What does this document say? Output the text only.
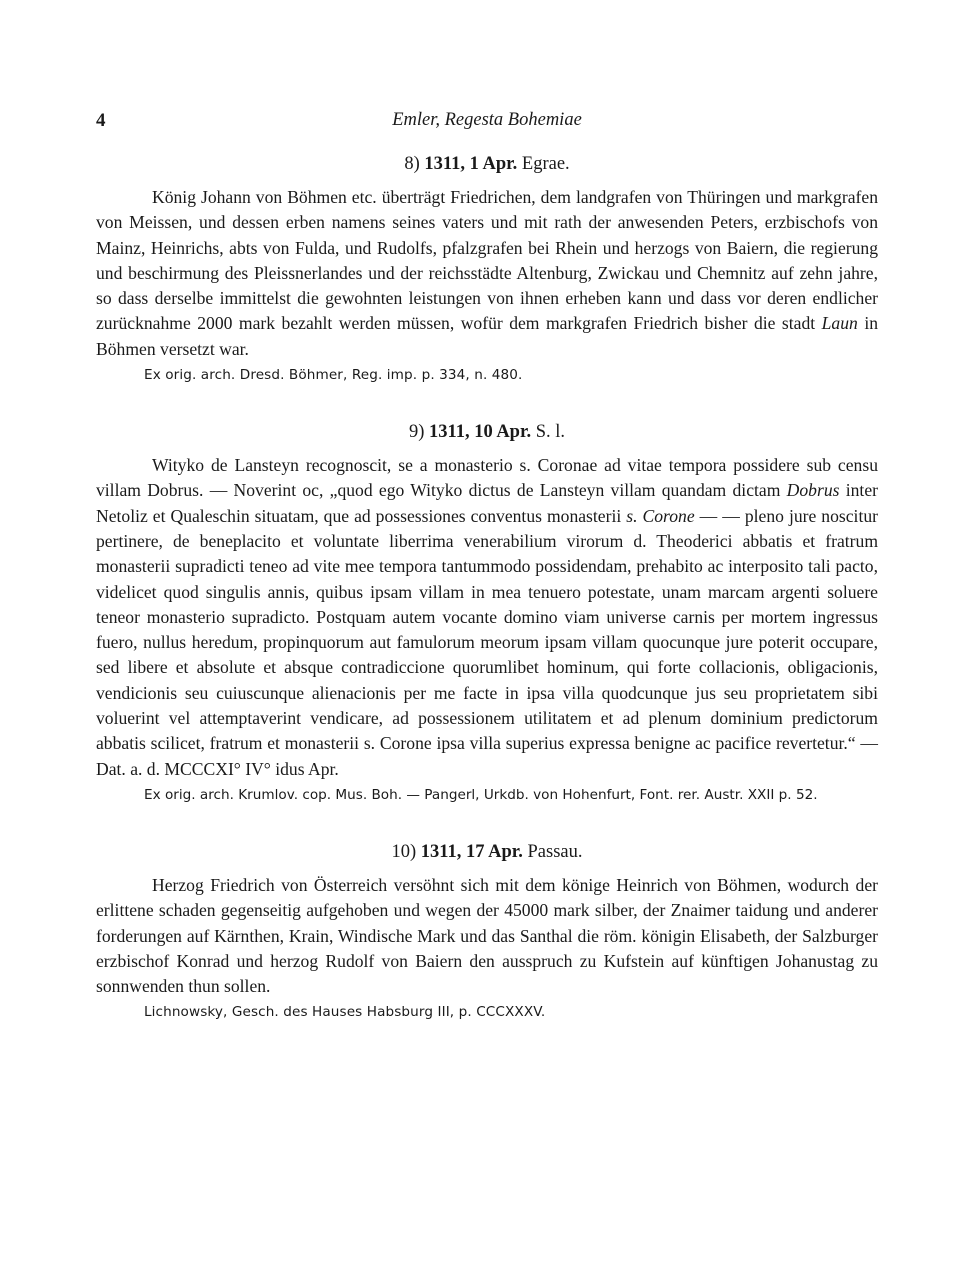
4	Emler, Regesta Bohemiae
8) 1311, 1 Apr. Egrae.

König Johann von Böhmen etc. überträgt Friedrichen, dem landgrafen von Thüringen und markgrafen von Meissen, und dessen erben namens seines vaters und mit rath der anwesenden Peters, erzbischofs von Mainz, Heinrichs, abts von Fulda, und Rudolfs, pfalzgrafen bei Rhein und herzogs von Baiern, die regierung und beschirmung des Pleissnerlandes und der reichsstädte Altenburg, Zwickau und Chemnitz auf zehn jahre, so dass derselbe immittelst die gewohnten leistungen von ihnen erheben kann und dass vor deren endlicher zurücknahme 2000 mark bezahlt werden müssen, wofür dem markgrafen Friedrich bisher die stadt Laun in Böhmen versetzt war.

Ex orig. arch. Dresd. Böhmer, Reg. imp. p. 334, n. 480.
9) 1311, 10 Apr. S. l.

Wityko de Lansteyn recognoscit, se a monasterio s. Coronae ad vitae tempora possidere sub censu villam Dobrus. — Noverint oc, „quod ego Wityko dictus de Lansteyn villam quandam dictam Dobrus inter Netoliz et Qualeschin situatam, que ad possessiones conventus monasterii s. Corone — — pleno jure noscitur pertinere, de beneplacito et voluntate liberrima venerabilium virorum d. Theoderici abbatis et fratrum monasterii supradicti teneo ad vite mee tempora tantummodo possidendam, prehabito ac interposito tali pacto, videlicet quod singulis annis, quibus ipsam villam in mea tenuero potestate, unam marcam argenti soluere teneor monasterio supradicto. Postquam autem vocante domino viam universe carnis per mortem ingressus fuero, nullus heredum, propinquorum aut famulorum meorum ipsam villam quocunque jure poterit occupare, sed libere et absolute et absque contradiccione quorumlibet hominum, qui forte collacionis, obligacionis, vendicionis seu cuiuscunque alienacionis per me facte in ipsa villa quodcunque jus seu proprietatem sibi voluerint vel attemptaverint vendicare, ad possessionem utilitatem et ad plenum dominium predictorum abbatis scilicet, fratrum et monasterii s. Corone ipsa villa superius expressa benigne ac pacifice revertetur.“ — Dat. a. d. MCCCXI° IV° idus Apr.

Ex orig. arch. Krumlov. cop. Mus. Boh. — Pangerl, Urkdb. von Hohenfurt, Font. rer. Austr. XXII p. 52.
10) 1311, 17 Apr. Passau.

Herzog Friedrich von Österreich versöhnt sich mit dem könige Heinrich von Böhmen, wodurch der erlittene schaden gegenseitig aufgehoben und wegen der 45000 mark silber, der Znaimer taidung und anderer forderungen auf Kärnthen, Krain, Windische Mark und das Santhal die röm. königin Elisabeth, der Salzburger erzbischof Konrad und herzog Rudolf von Baiern den ausspruch zu Kufstein auf künftigen Johanustag zu sonnwenden thun sollen.

Lichnowsky, Gesch. des Hauses Habsburg III, p. CCCXXXV.
